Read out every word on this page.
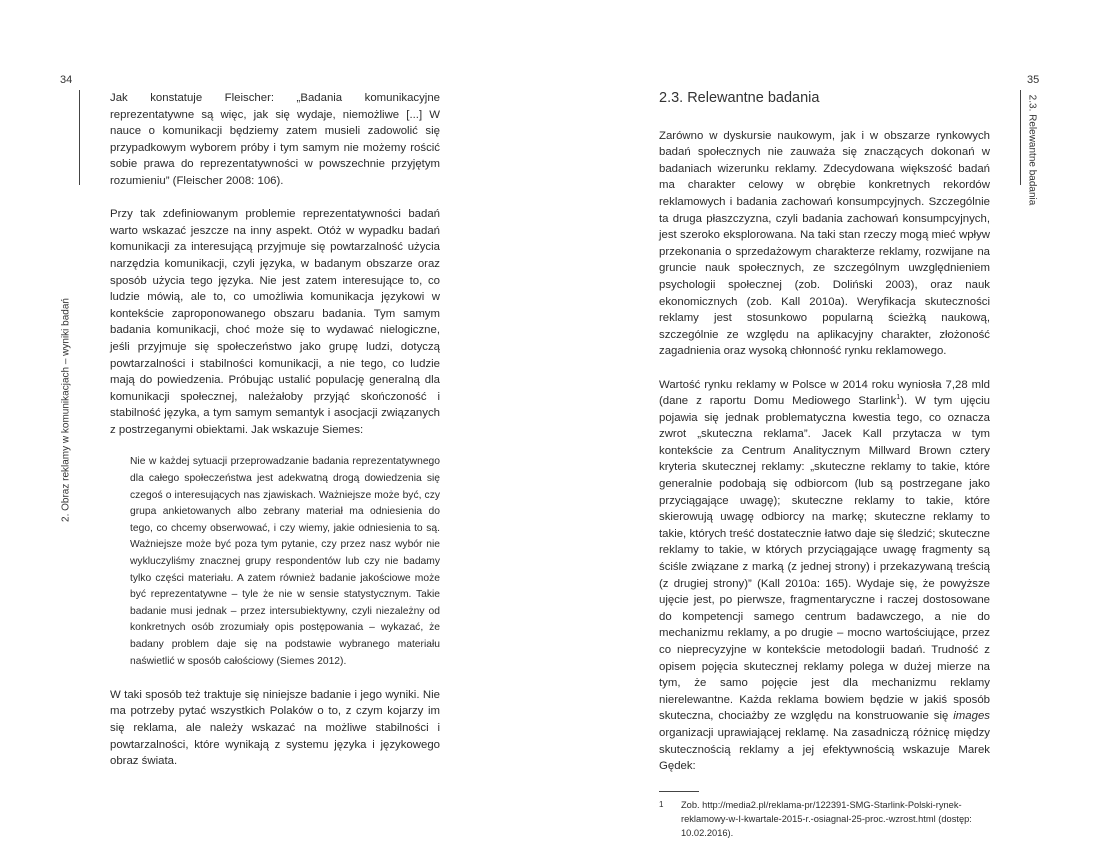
34
2. Obraz reklamy w komunikacjach – wyniki badań

Jak konstatuje Fleischer: „Badania komunikacyjne reprezentatywne są więc, jak się wydaje, niemożliwe [...] W nauce o komunikacji będziemy zatem musieli zadowolić się przypadkowym wyborem próby i tym samym nie możemy rościć sobie prawa do reprezentatywności w powszechnie przyjętym rozumieniu” (Fleischer 2008: 106).

Przy tak zdefiniowanym problemie reprezentatywności badań warto wskazać jeszcze na inny aspekt. Otóż w wypadku badań komunikacji za interesującą przyjmuje się powtarzalność użycia narzędzia komunikacji, czyli języka, w badanym obszarze oraz sposób użycia tego języka. Nie jest zatem interesujące to, co ludzie mówią, ale to, co umożliwia komunikacja językowi w kontekście zaproponowanego obszaru badania. Tym samym badania komunikacji, choć może się to wydawać nielogiczne, jeśli przyjmuje się społeczeństwo jako grupę ludzi, dotyczą powtarzalności i stabilności komunikacji, a nie tego, co ludzie mają do powiedzenia. Próbując ustalić populację generalną dla komunikacji społecznej, należałoby przyjąć skończoność i stabilność języka, a tym samym semantyk i asocjacji związanych z postrzeganymi obiektami. Jak wskazuje Siemes:

Nie w każdej sytuacji przeprowadzanie badania reprezentatywnego dla całego społeczeństwa jest adekwatną drogą dowiedzenia się czegoś o interesujących nas zjawiskach. Ważniejsze może być, czy grupa ankietowanych albo zebrany materiał ma odniesienia do tego, co chcemy obserwować, i czy wiemy, jakie odniesienia to są. Ważniejsze może być poza tym pytanie, czy przez nasz wybór nie wykluczyliśmy znacznej grupy respondentów lub czy nie badamy tylko części materiału. A zatem również badanie jakościowe może być reprezentatywne – tyle że nie w sensie statystycznym. Takie badanie musi jednak – przez intersubiektywny, czyli niezależny od konkretnych osób zrozumiały opis postępowania – wykazać, że badany problem daje się na podstawie wybranego materiału naświetlić w sposób całościowy (Siemes 2012).

W taki sposób też traktuje się niniejsze badanie i jego wyniki. Nie ma potrzeby pytać wszystkich Polaków o to, z czym kojarzy im się reklama, ale należy wskazać na możliwe stabilności i powtarzalności, które wynikają z systemu języka i językowego obraz świata.

35
2.3. Relewantne badania
2.3. Relewantne badania

Zarówno w dyskursie naukowym, jak i w obszarze rynkowych badań społecznych nie zauważa się znaczących dokonań w badaniach wizerunku reklamy. Zdecydowana większość badań ma charakter celowy w obrębie konkretnych rekordów reklamowych i badania zachowań konsumpcyjnych. Szczególnie ta druga płaszczyzna, czyli badania zachowań konsumpcyjnych, jest szeroko eksplorowana. Na taki stan rzeczy mogą mieć wpływ przekonania o sprzedażowym charakterze reklamy, rozwijane na gruncie nauk społecznych, ze szczególnym uwzględnieniem psychologii społecznej (zob. Doliński 2003), oraz nauk ekonomicznych (zob. Kall 2010a). Weryfikacja skuteczności reklamy jest stosunkowo popularną ścieżką naukową, szczególnie ze względu na aplikacyjny charakter, złożoność zagadnienia oraz wysoką chłonność rynku reklamowego.

Wartość rynku reklamy w Polsce w 2014 roku wyniosła 7,28 mld (dane z raportu Domu Mediowego Starlink$^1$). W tym ujęciu pojawia się jednak problematyczna kwestia tego, co oznacza zwrot „skuteczna reklama”. Jacek Kall przytacza w tym kontekście za Centrum Analitycznym Millward Brown cztery kryteria skutecznej reklamy: „skuteczne reklamy to takie, które generalnie podobają się odbiorcom (lub są postrzegane jako przyciągające uwagę); skuteczne reklamy to takie, które skierowują uwagę odbiorcy na markę; skuteczne reklamy to takie, których treść dostatecznie łatwo daje się śledzić; skuteczne reklamy to takie, w których przyciągające uwagę fragmenty są ściśle związane z marką (z jednej strony) i przekazywaną treścią (z drugiej strony)” (Kall 2010a: 165). Wydaje się, że powyższe ujęcie jest, po pierwsze, fragmentaryczne i raczej dostosowane do kompetencji samego centrum badawczego, a nie do mechanizmu reklamy, a po drugie – mocno wartościujące, przez co nieprecyzyjne w kontekście metodologii badań. Trudność z opisem pojęcia skutecznej reklamy polega w dużej mierze na tym, że samo pojęcie jest dla mechanizmu reklamy nierelewantne. Każda reklama bowiem będzie w jakiś sposób skuteczna, chociażby ze względu na konstruowanie się images organizacji uprawiającej reklamę. Na zasadniczą różnicę między skutecznością reklamy a jej efektywnością wskazuje Marek Gędek:

1	Zob. http://media2.pl/reklama-pr/122391-SMG-Starlink-Polski-rynek-reklamowy-w-I-kwartale-2015-r.-osiagnal-25-proc.-wzrost.html (dostęp: 10.02.2016).
